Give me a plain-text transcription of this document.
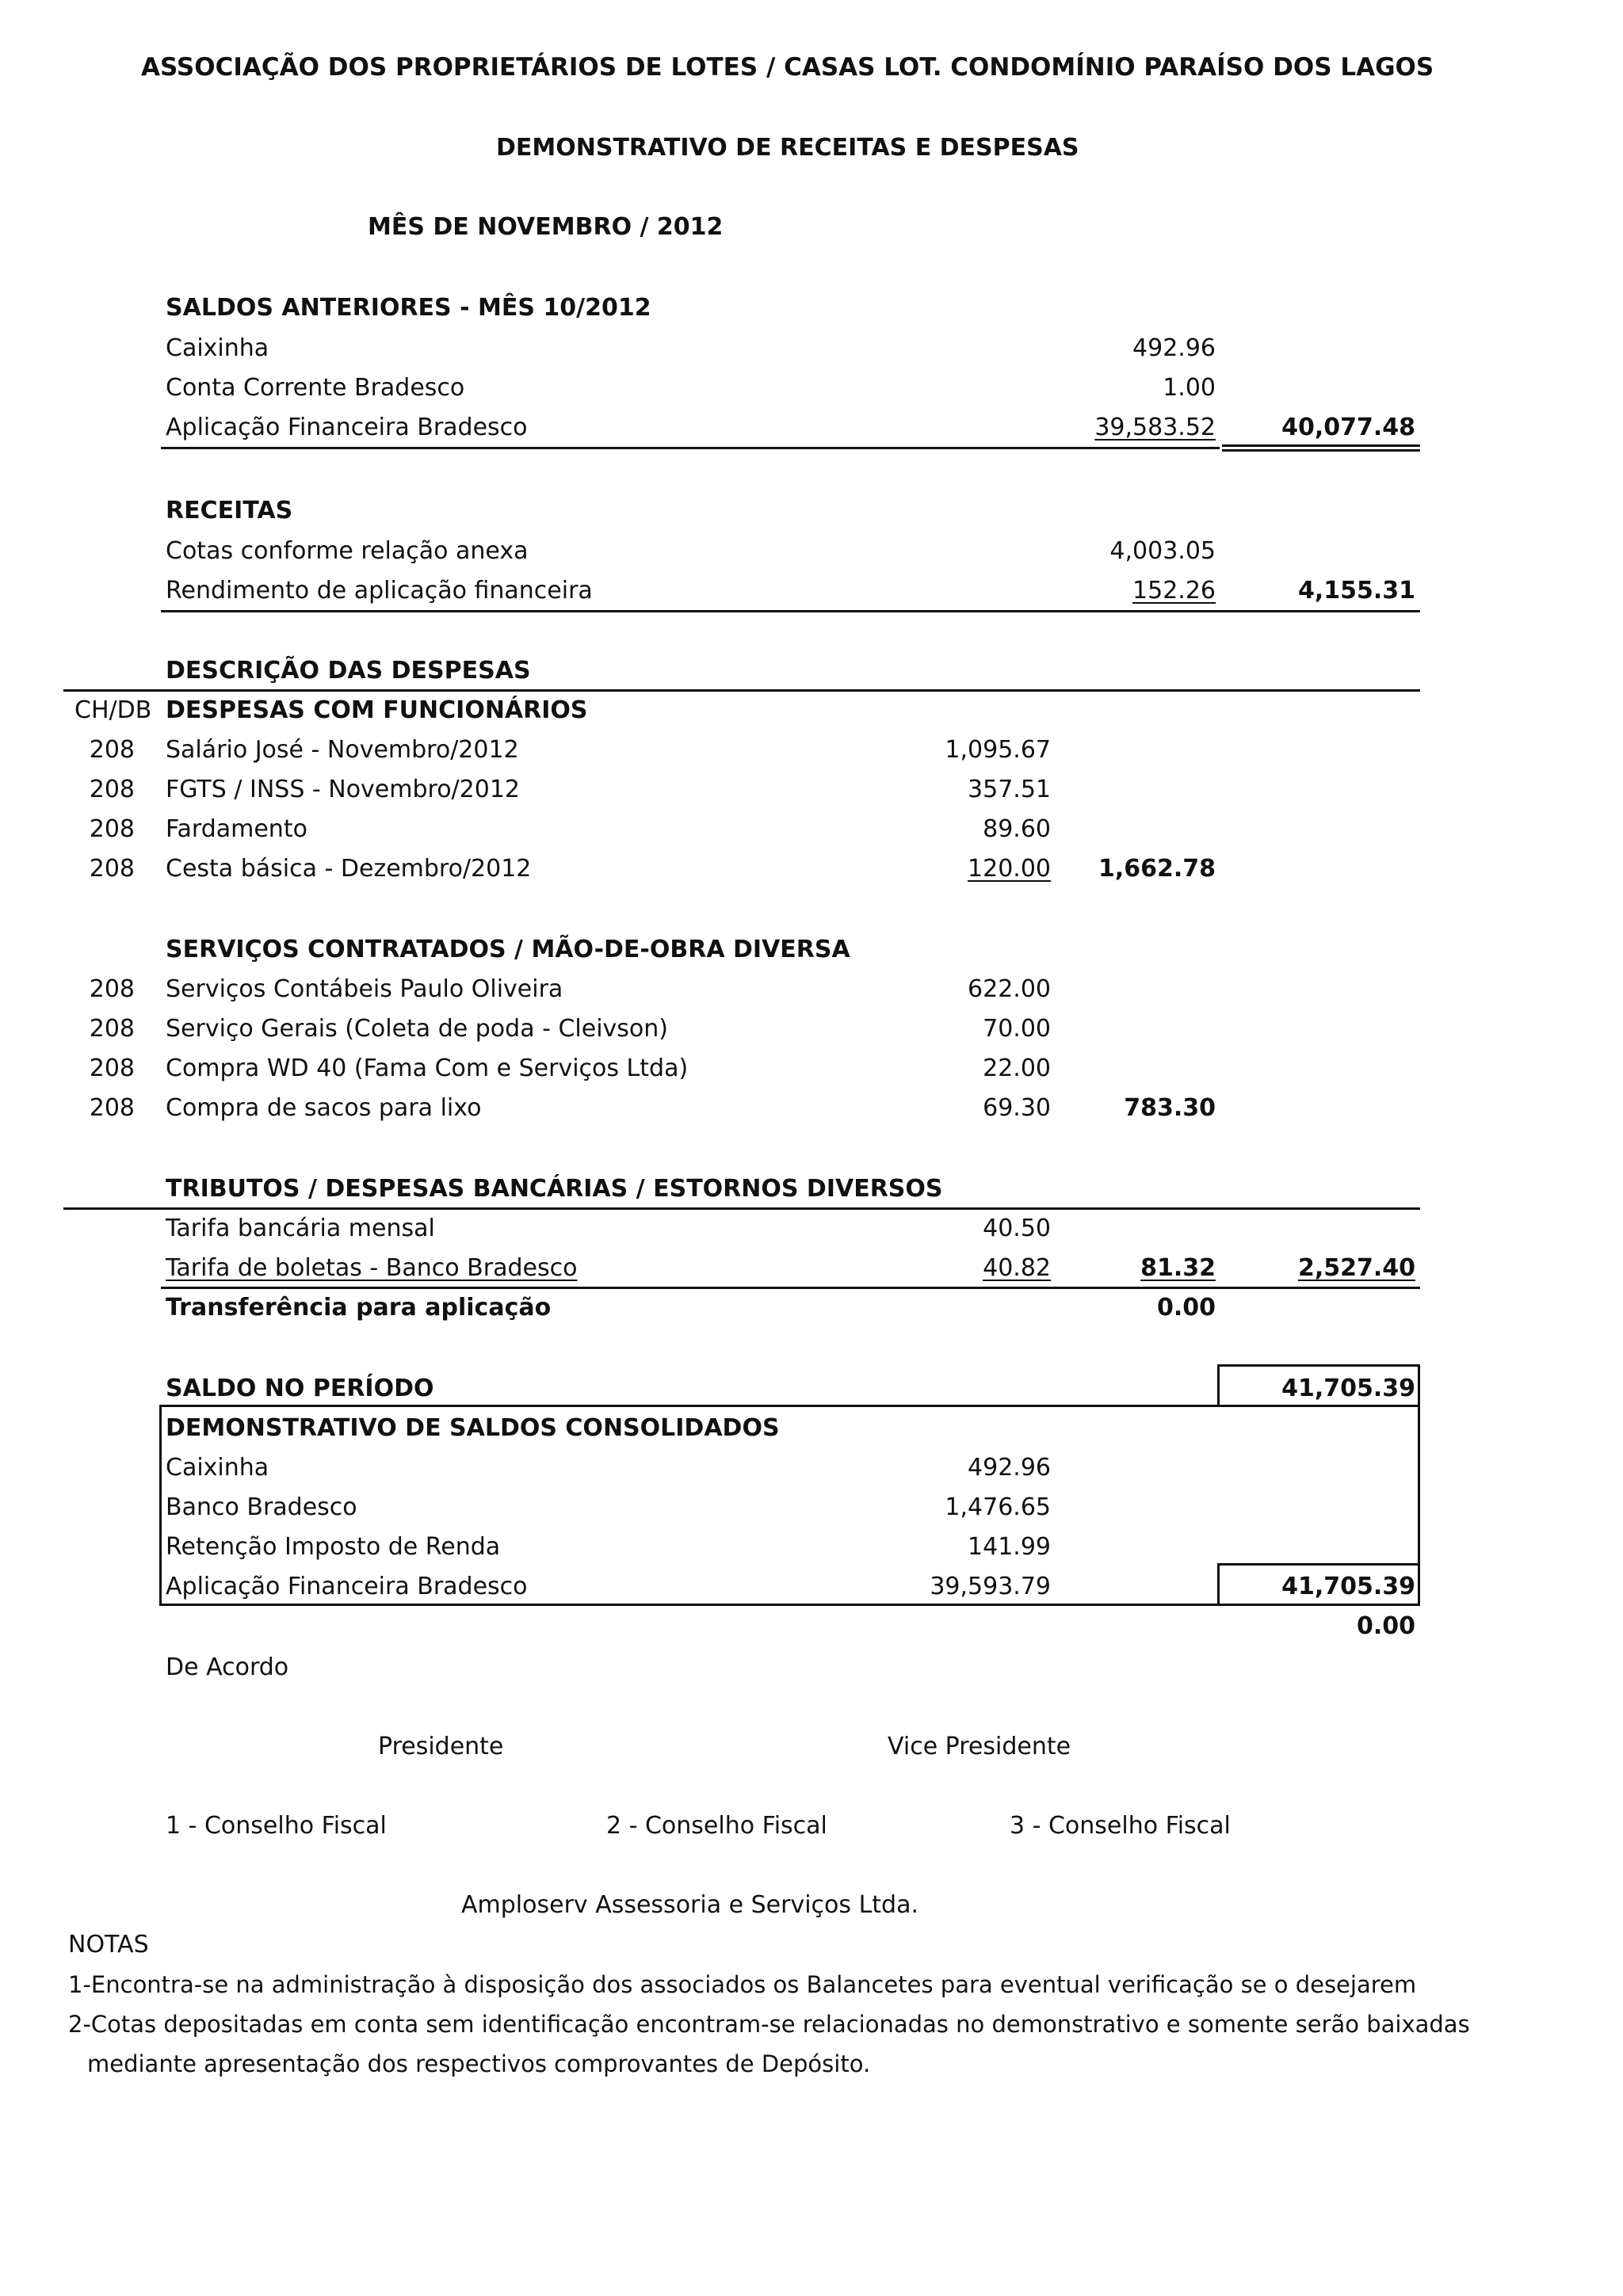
ASSOCIAÇÃO DOS PROPRIETÁRIOS DE LOTES / CASAS LOT. CONDOMÍNIO PARAÍSO DOS LAGOS
DEMONSTRATIVO DE RECEITAS E DESPESAS
MÊS DE NOVEMBRO / 2012
SALDOS ANTERIORES - MÊS 10/2012
Caixinha	492.96
Conta Corrente Bradesco	1.00
Aplicação Financeira Bradesco	39,583.52	40,077.48
RECEITAS
Cotas conforme relação anexa	4,003.05
Rendimento de aplicação financeira	152.26	4,155.31
DESCRIÇÃO DAS DESPESAS
CH/DB DESPESAS COM FUNCIONÁRIOS
208 Salário José - Novembro/2012	1,095.67
208 FGTS / INSS - Novembro/2012	357.51
208 Fardamento	89.60
208 Cesta básica - Dezembro/2012	120.00	1,662.78
SERVIÇOS CONTRATADOS / MÃO-DE-OBRA DIVERSA
208 Serviços Contábeis Paulo Oliveira	622.00
208 Serviço Gerais (Coleta de poda - Cleivson)	70.00
208 Compra WD 40 (Fama Com e Serviços Ltda)	22.00
208 Compra de sacos para lixo	69.30	783.30
TRIBUTOS / DESPESAS BANCÁRIAS / ESTORNOS DIVERSOS
Tarifa bancária mensal	40.50
Tarifa de boletas - Banco Bradesco	40.82	81.32	2,527.40
Transferência para aplicação	0.00
SALDO NO PERÍODO	41,705.39
DEMONSTRATIVO DE SALDOS CONSOLIDADOS
Caixinha	492.96
Banco Bradesco	1,476.65
Retenção Imposto de Renda	141.99
Aplicação Financeira Bradesco	39,593.79	41,705.39
0.00
De Acordo
Presidente	Vice Presidente
1 - Conselho Fiscal	2 - Conselho Fiscal	3 - Conselho Fiscal
Amploserv Assessoria e Serviços Ltda.
NOTAS
1-Encontra-se na administração à disposição dos associados os Balancetes para eventual verificação se o desejarem
2-Cotas depositadas em conta sem identificação encontram-se relacionadas no demonstrativo e somente serão baixadas
mediante apresentação dos respectivos comprovantes de Depósito.
